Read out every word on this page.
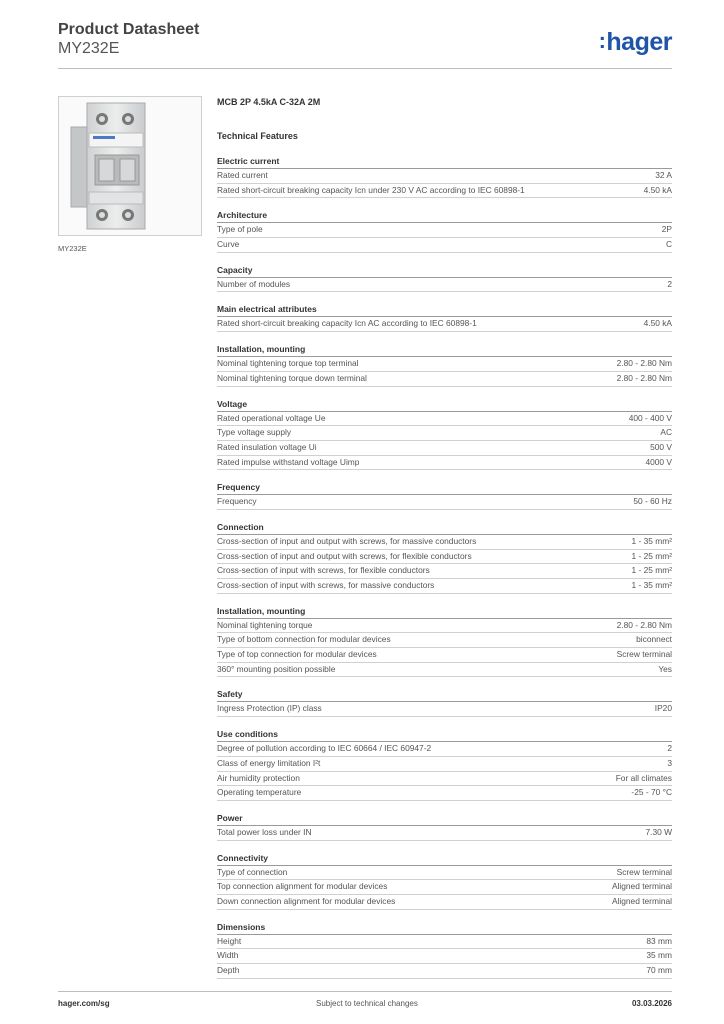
Product Datasheet
MY232E	:hager
MY232E
MCB 2P 4.5kA C-32A 2M
Technical Features
Electric current
Rated current	32 A
Rated short-circuit breaking capacity Icn under 230 V AC according to IEC 60898-1	4.50 kA
Architecture
Type of pole	2P
Curve	C
Capacity
Number of modules	2
Main electrical attributes
Rated short-circuit breaking capacity Icn AC according to IEC 60898-1	4.50 kA
Installation, mounting
Nominal tightening torque top terminal	2.80 - 2.80 Nm
Nominal tightening torque down terminal	2.80 - 2.80 Nm
Voltage
Rated operational voltage Ue	400 - 400 V
Type voltage supply	AC
Rated insulation voltage Ui	500 V
Rated impulse withstand voltage Uimp	4000 V
Frequency
Frequency	50 - 60 Hz
Connection
Cross-section of input and output with screws, for massive conductors	1 - 35 mm²
Cross-section of input and output with screws, for flexible conductors	1 - 25 mm²
Cross-section of input with screws, for flexible conductors	1 - 25 mm²
Cross-section of input with screws, for massive conductors	1 - 35 mm²
Installation, mounting
Nominal tightening torque	2.80 - 2.80 Nm
Type of bottom connection for modular devices	biconnect
Type of top connection for modular devices	Screw terminal
360° mounting position possible	Yes
Safety
Ingress Protection (IP) class	IP20
Use conditions
Degree of pollution according to IEC 60664 / IEC 60947-2	2
Class of energy limitation I²t	3
Air humidity protection	For all climates
Operating temperature	-25 - 70 °C
Power
Total power loss under IN	7.30 W
Connectivity
Type of connection	Screw terminal
Top connection alignment for modular devices	Aligned terminal
Down connection alignment for modular devices	Aligned terminal
Dimensions
Height	83 mm
Width	35 mm
Depth	70 mm
hager.com/sg	Subject to technical changes	03.03.2026
